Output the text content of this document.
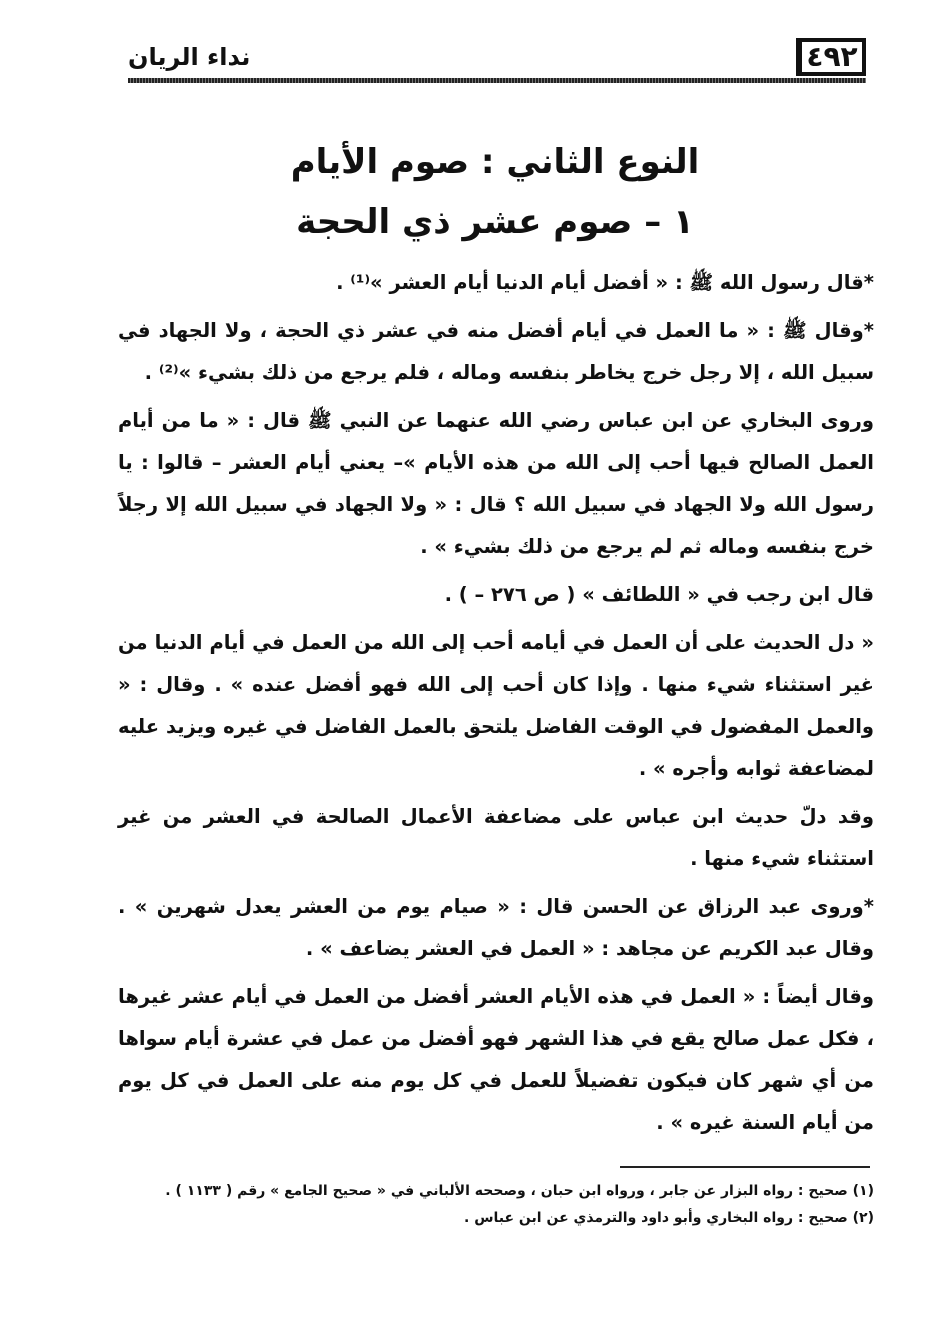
٤٩٢
نداء الريان
النوع الثاني : صوم الأيام
١ – صوم عشر ذي الحجة

*قال رسول الله ﷺ : « أفضل أيام الدنيا أيام العشر »⁽¹⁾ .

*وقال ﷺ : « ما العمل في أيام أفضل منه في عشر ذي الحجة ، ولا الجهاد في سبيل الله ، إلا رجل خرج يخاطر بنفسه وماله ، فلم يرجع من ذلك بشيء »⁽²⁾ .

وروى البخاري عن ابن عباس رضي الله عنهما عن النبي ﷺ قال : « ما من أيام العمل الصالح فيها أحب إلى الله من هذه الأيام »– يعني أيام العشر – قالوا : يا رسول الله ولا الجهاد في سبيل الله ؟ قال : « ولا الجهاد في سبيل الله إلا رجلاً خرج بنفسه وماله ثم لم يرجع من ذلك بشيء » .

قال ابن رجب في « اللطائف » ( ص ٢٧٦ – ) .

« دل الحديث على أن العمل في أيامه أحب إلى الله من العمل في أيام الدنيا من غير استثناء شيء منها . وإذا كان أحب إلى الله فهو أفضل عنده » . وقال : « والعمل المفضول في الوقت الفاضل يلتحق بالعمل الفاضل في غيره ويزيد عليه لمضاعفة ثوابه وأجره » .

وقد دلّ حديث ابن عباس على مضاعفة الأعمال الصالحة في العشر من غير استثناء شيء منها .

*وروى عبد الرزاق عن الحسن قال : « صيام يوم من العشر يعدل شهرين » . وقال عبد الكريم عن مجاهد : « العمل في العشر يضاعف » .

وقال أيضاً : « العمل في هذه الأيام العشر أفضل من العمل في أيام عشر غيرها ، فكل عمل صالح يقع في هذا الشهر فهو أفضل من عمل في عشرة أيام سواها من أي شهر كان فيكون تفضيلاً للعمل في كل يوم منه على العمل في كل يوم من أيام السنة غيره » .

(١) صحيح : رواه البزار عن جابر ، ورواه ابن حبان ، وصححه الألباني في « صحيح الجامع » رقم ( ١١٣٣ ) .

(٢) صحيح : رواه البخاري وأبو داود والترمذي عن ابن عباس .
